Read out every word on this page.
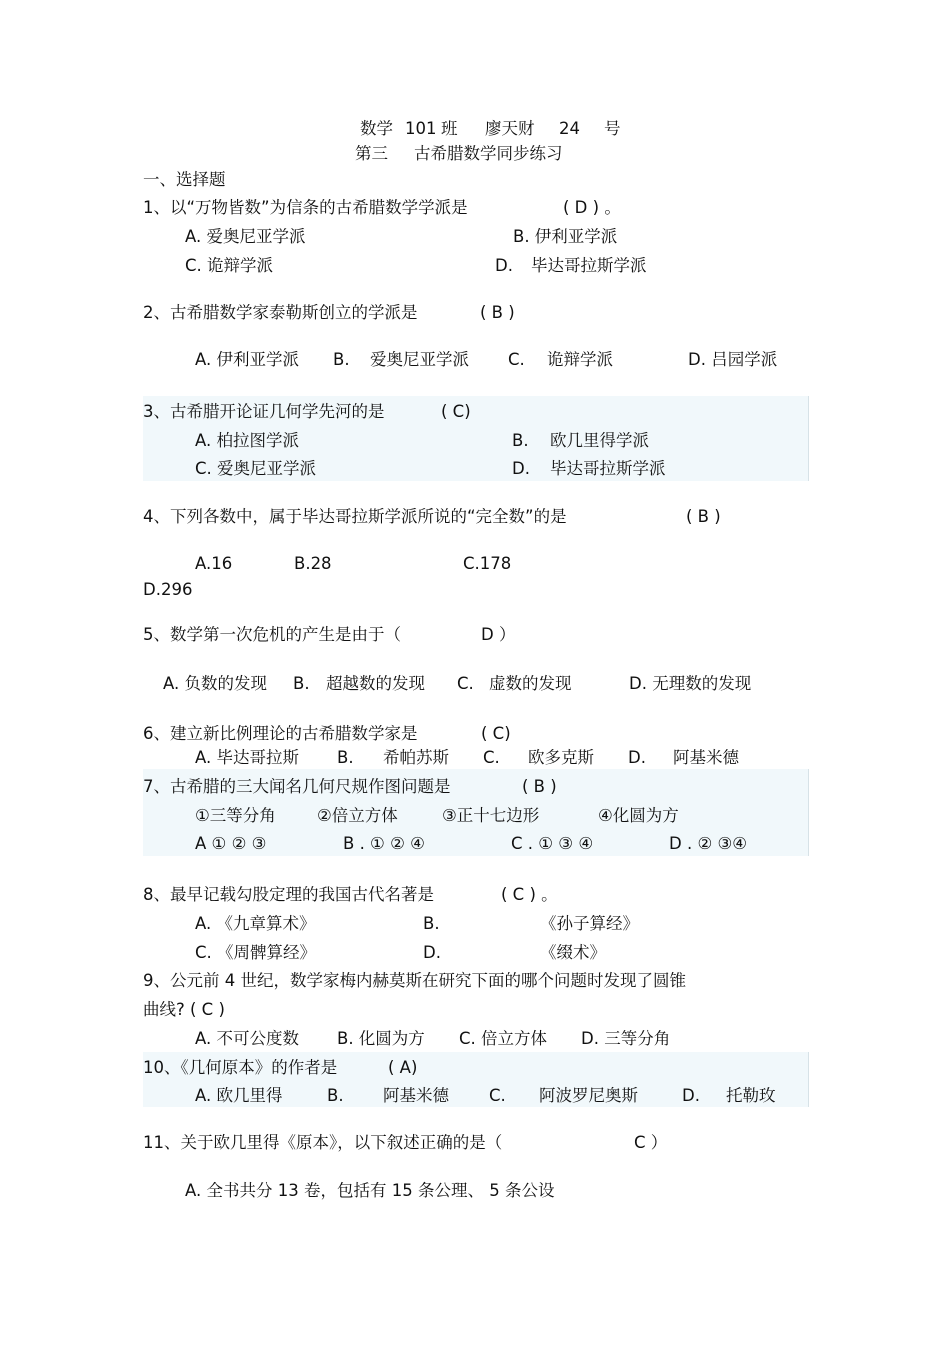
数学 101 班 廖天财 24 号
第三 古希腊数学同步练习
一、选择题
1、以“万物皆数”为信条的古希腊数学学派是	( D ) 。
A. 爱奥尼亚学派	B. 伊利亚学派
C. 诡辩学派	D. 毕达哥拉斯学派
2、古希腊数学家泰勒斯创立的学派是	( B )
A. 伊利亚学派 B. 爱奥尼亚学派 C. 诡辩学派	D. 吕园学派
3、古希腊开论证几何学先河的是	( C)
A. 柏拉图学派	B. 欧几里得学派
C. 爱奥尼亚学派	D. 毕达哥拉斯学派
4、下列各数中，属于毕达哥拉斯学派所说的“完全数”的是	( B )
A.16	B.28	C.178
D.296
5、数学第一次危机的产生是由于（	D ）
A. 负数的发现 B. 超越数的发现 C. 虚数的发现	D. 无理数的发现
6、建立新比例理论的古希腊数学家是	( C)
A. 毕达哥拉斯 B. 希帕苏斯 C. 欧多克斯 D. 阿基米德
7、古希腊的三大闻名几何尺规作图问题是	( B )
①三等分角 ②倍立方体	③正十七边形	④化圆为方
A ① ② ③	B . ① ② ④	C . ① ③ ④	D . ② ③④
8、最早记载勾股定理的我国古代名著是	( C ) 。
A. 《九章算术》	B.	《孙子算经》
C. 《周髀算经》	D.	《缀术》
9、公元前 4 世纪，数学家梅内赫莫斯在研究下面的哪个问题时发现了圆锥
曲线? ( C )
A. 不可公度数 B. 化圆为方 C. 倍立方体 D. 三等分角
10、《几何原本》的作者是	( A)
A. 欧几里得	B. 阿基米德 C. 阿波罗尼奥斯	D. 托勒玫
11、关于欧几里得《原本》，以下叙述正确的是（	C ）
A. 全书共分 13 卷，包括有 15 条公理、 5 条公设
